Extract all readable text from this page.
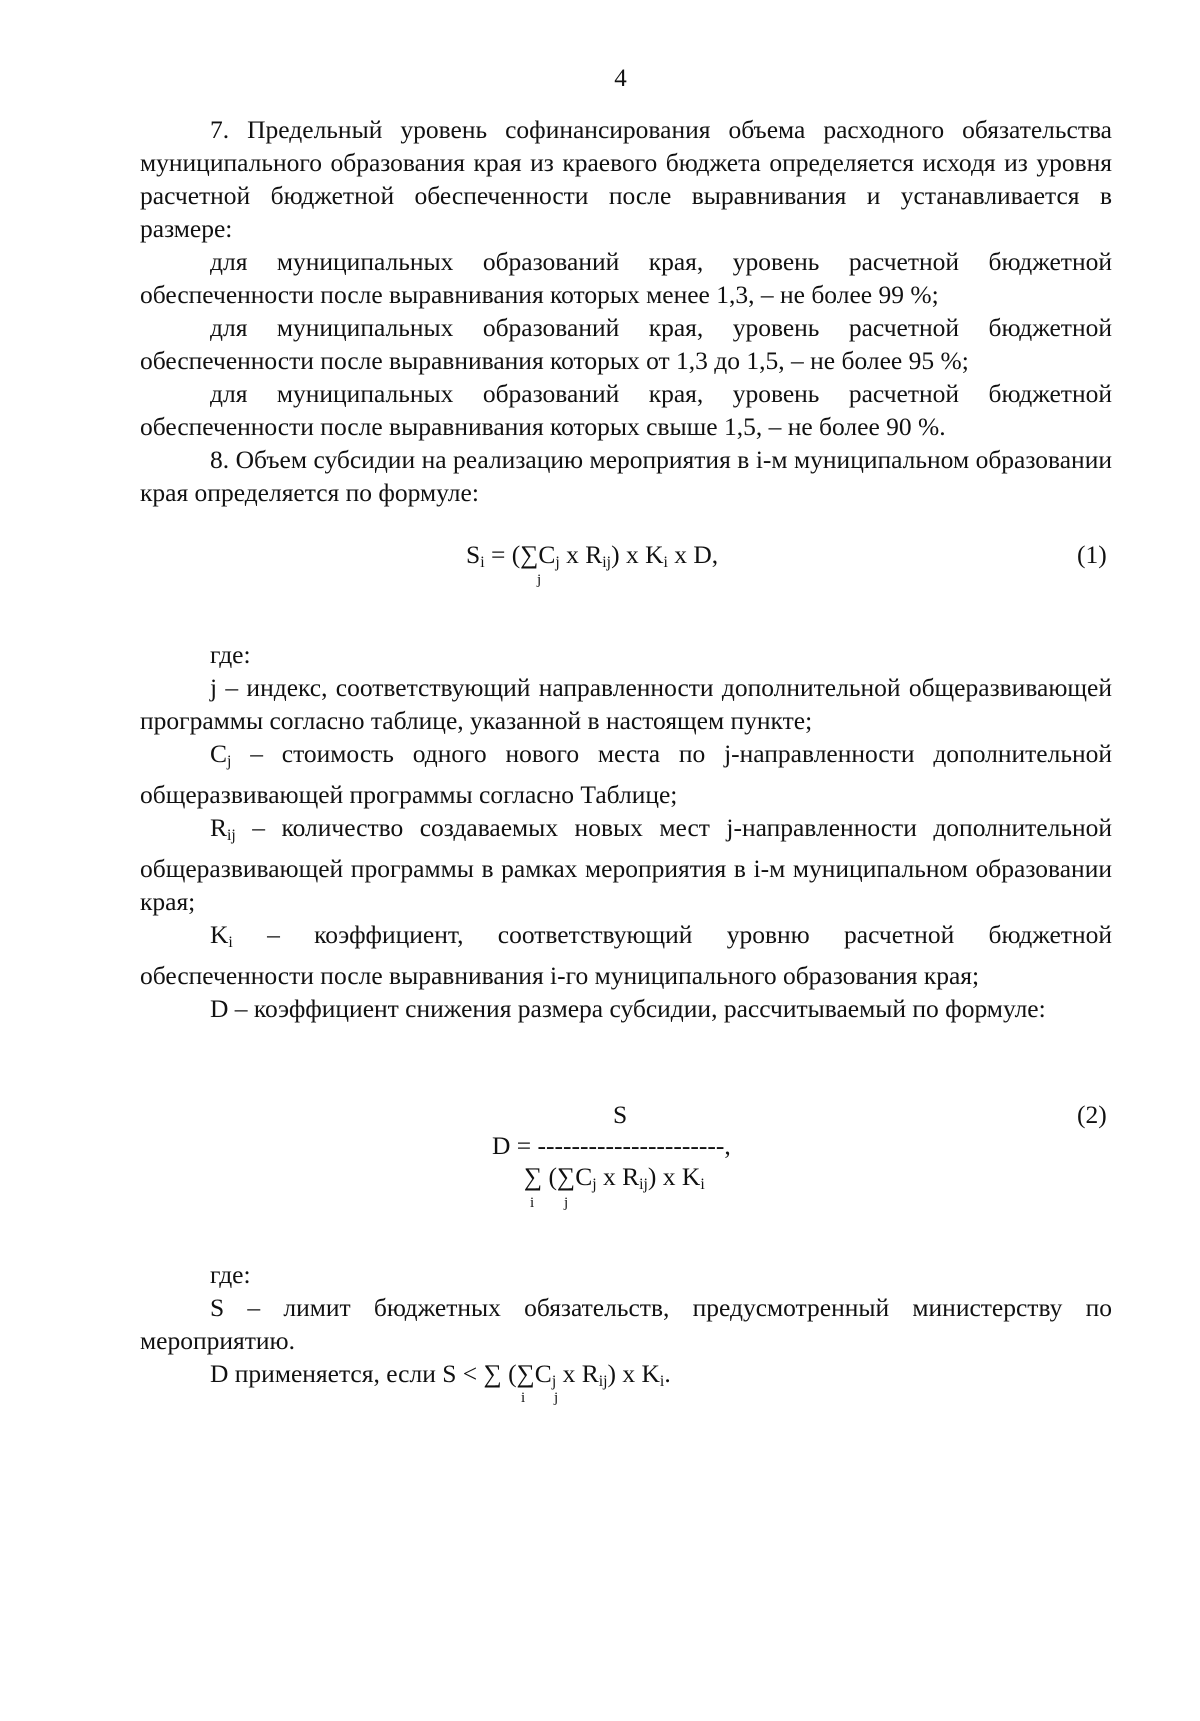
4

7. Предельный уровень софинансирования объема расходного обязательства муниципального образования края из краевого бюджета определяется исходя из уровня расчетной бюджетной обеспеченности после выравнивания и устанавливается в размере:

для муниципальных образований края, уровень расчетной бюджетной обеспеченности после выравнивания которых менее 1,3, – не более 99 %;

для муниципальных образований края, уровень расчетной бюджетной обеспеченности после выравнивания которых от 1,3 до 1,5, – не более 95 %;

для муниципальных образований края, уровень расчетной бюджетной обеспеченности после выравнивания которых свыше 1,5, – не более 90 %.

8. Объем субсидии на реализацию мероприятия в i-м муниципальном образовании края определяется по формуле:

$S_i = (\sum C_j$ x $R_{ij}$) x $K_i$ x D,
j
(1)

где:

j – индекс, соответствующий направленности дополнительной общеразвивающей программы согласно таблице, указанной в настоящем пункте;

$C_j$ – стоимость одного нового места по j-направленности дополнительной общеразвивающей программы согласно Таблице;

$R_{ij}$ – количество создаваемых новых мест j-направленности дополнительной общеразвивающей программы в рамках мероприятия в i-м муниципальном образовании края;

$K_i$ – коэффициент, соответствующий уровню расчетной бюджетной обеспеченности после выравнивания i-го муниципального образования края;

D – коэффициент снижения размера субсидии, рассчитываемый по формуле:

S
D = ----------------------,
∑ ($\sum C_j$ x $R_{ij}$) x $K_i$
i j
(2)

где:

S – лимит бюджетных обязательств, предусмотренный министерству по мероприятию.

D применяется, если S < ∑ ($\sum C_j$ x $R_{ij}$) x $K_i$.

i j
